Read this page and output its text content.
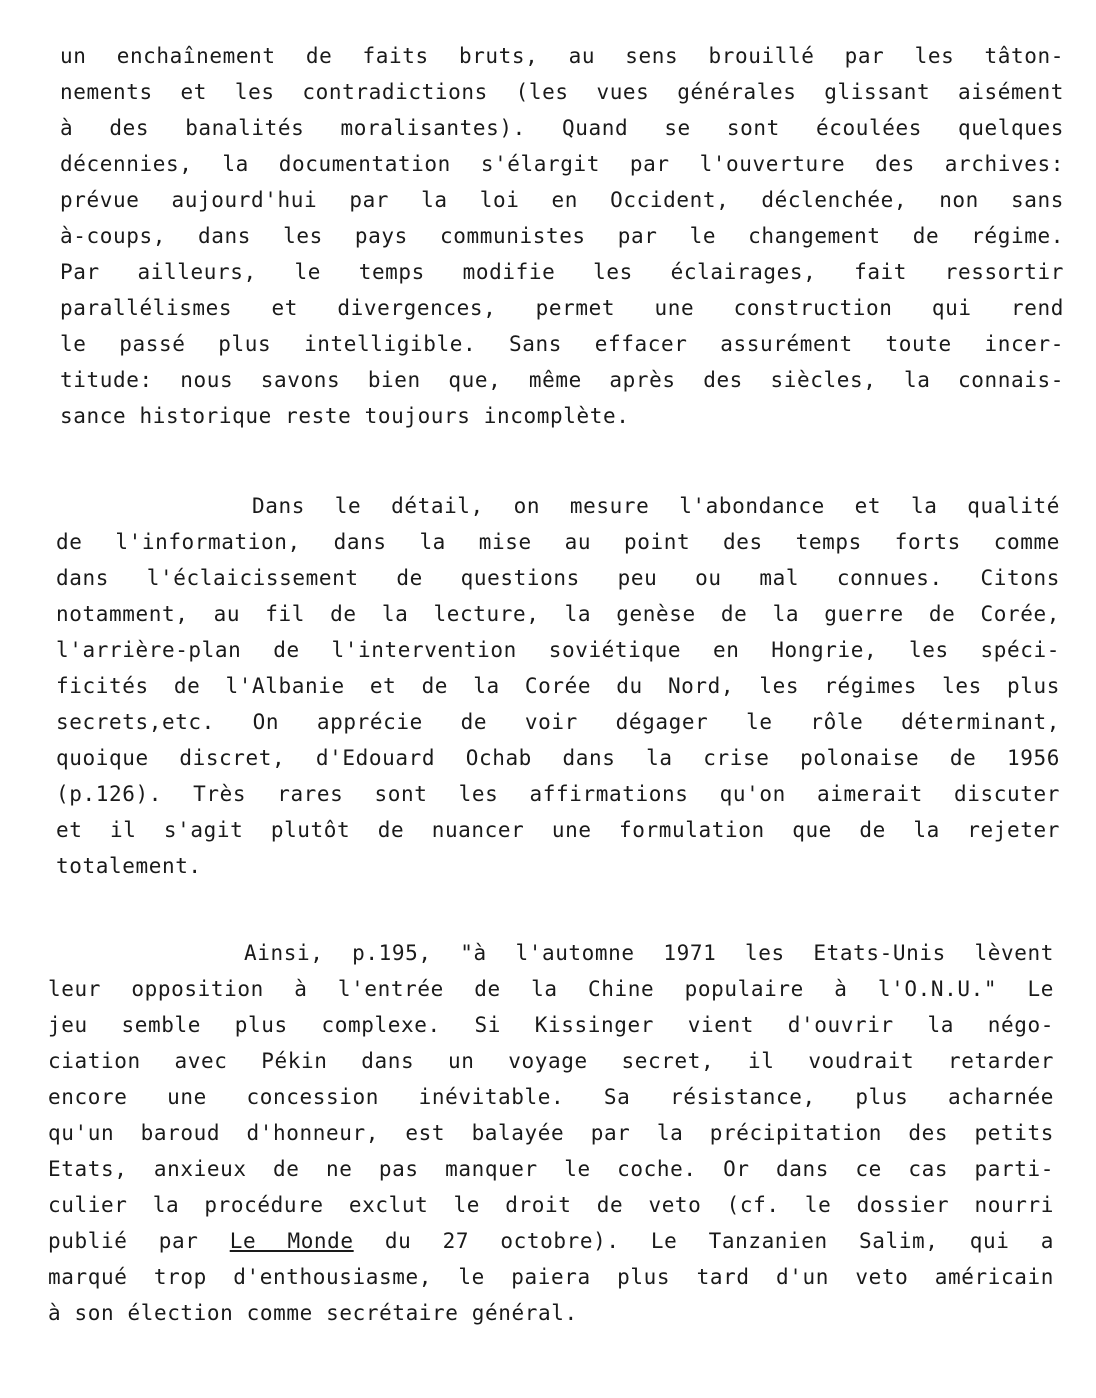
un enchaînement de faits bruts, au sens brouillé par les tâton-
nements et les contradictions (les vues générales glissant aisément
à des banalités moralisantes). Quand se sont écoulées quelques
décennies, la documentation s'élargit par l'ouverture des archives:
prévue aujourd'hui par la loi en Occident, déclenchée, non sans
à-coups, dans les pays communistes par le changement de régime.
Par ailleurs, le temps modifie les éclairages, fait ressortir
parallélismes et divergences, permet une construction qui rend
le passé plus intelligible. Sans effacer assurément toute incer-
titude: nous savons bien que, même après des siècles, la connais-
sance historique reste toujours incomplète.

Dans le détail, on mesure l'abondance et la qualité
de l'information, dans la mise au point des temps forts comme
dans l'éclaicissement de questions peu ou mal connues. Citons
notamment, au fil de la lecture, la genèse de la guerre de Corée,
l'arrière-plan de l'intervention soviétique en Hongrie, les spéci-
ficités de l'Albanie et de la Corée du Nord, les régimes les plus
secrets,etc. On apprécie de voir dégager le rôle déterminant,
quoique discret, d'Edouard Ochab dans la crise polonaise de 1956
(p.126). Très rares sont les affirmations qu'on aimerait discuter
et il s'agit plutôt de nuancer une formulation que de la rejeter
totalement.

Ainsi, p.195, "à l'automne 1971 les Etats-Unis lèvent
leur opposition à l'entrée de la Chine populaire à l'O.N.U." Le
jeu semble plus complexe. Si Kissinger vient d'ouvrir la négo-
ciation avec Pékin dans un voyage secret, il voudrait retarder
encore une concession inévitable. Sa résistance, plus acharnée
qu'un baroud d'honneur, est balayée par la précipitation des petits
Etats, anxieux de ne pas manquer le coche. Or dans ce cas parti-
culier la procédure exclut le droit de veto (cf. le dossier nourri
publié par Le Monde du 27 octobre). Le Tanzanien Salim, qui a
marqué trop d'enthousiasme, le paiera plus tard d'un veto américain
à son élection comme secrétaire général.
